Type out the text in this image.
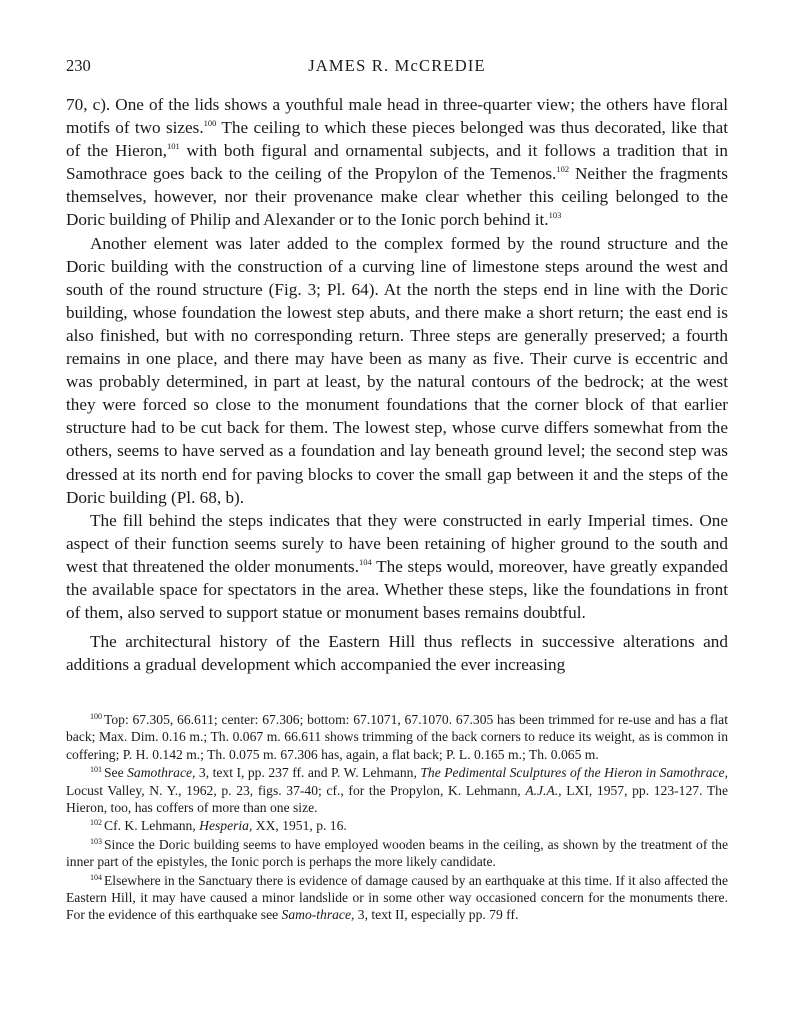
230	JAMES R. McCREDIE

70, c). One of the lids shows a youthful male head in three-quarter view; the others have floral motifs of two sizes.$^{100}$ The ceiling to which these pieces belonged was thus decorated, like that of the Hieron,$^{101}$ with both figural and ornamental subjects, and it follows a tradition that in Samothrace goes back to the ceiling of the Propylon of the Temenos.$^{102}$ Neither the fragments themselves, however, nor their provenance make clear whether this ceiling belonged to the Doric building of Philip and Alexander or to the Ionic porch behind it.$^{103}$

Another element was later added to the complex formed by the round structure and the Doric building with the construction of a curving line of limestone steps around the west and south of the round structure (Fig. 3; Pl. 64). At the north the steps end in line with the Doric building, whose foundation the lowest step abuts, and there make a short return; the east end is also finished, but with no corresponding return. Three steps are generally preserved; a fourth remains in one place, and there may have been as many as five. Their curve is eccentric and was probably determined, in part at least, by the natural contours of the bedrock; at the west they were forced so close to the monument foundations that the corner block of that earlier structure had to be cut back for them. The lowest step, whose curve differs somewhat from the others, seems to have served as a foundation and lay beneath ground level; the second step was dressed at its north end for paving blocks to cover the small gap between it and the steps of the Doric building (Pl. 68, b).

The fill behind the steps indicates that they were constructed in early Imperial times. One aspect of their function seems surely to have been retaining of higher ground to the south and west that threatened the older monuments.$^{104}$ The steps would, moreover, have greatly expanded the available space for spectators in the area. Whether these steps, like the foundations in front of them, also served to support statue or monument bases remains doubtful.

The architectural history of the Eastern Hill thus reflects in successive alterations and additions a gradual development which accompanied the ever increasing

$^{100}$ Top: 67.305, 66.611; center: 67.306; bottom: 67.1071, 67.1070. 67.305 has been trimmed for re-use and has a flat back; Max. Dim. 0.16 m.; Th. 0.067 m. 66.611 shows trimming of the back corners to reduce its weight, as is common in coffering; P. H. 0.142 m.; Th. 0.075 m. 67.306 has, again, a flat back; P. L. 0.165 m.; Th. 0.065 m.

$^{101}$ See Samothrace, 3, text I, pp. 237 ff. and P. W. Lehmann, The Pedimental Sculptures of the Hieron in Samothrace, Locust Valley, N. Y., 1962, p. 23, figs. 37-40; cf., for the Propylon, K. Lehmann, A.J.A., LXI, 1957, pp. 123-127. The Hieron, too, has coffers of more than one size.

$^{102}$ Cf. K. Lehmann, Hesperia, XX, 1951, p. 16.

$^{103}$ Since the Doric building seems to have employed wooden beams in the ceiling, as shown by the treatment of the inner part of the epistyles, the Ionic porch is perhaps the more likely candidate.

$^{104}$ Elsewhere in the Sanctuary there is evidence of damage caused by an earthquake at this time. If it also affected the Eastern Hill, it may have caused a minor landslide or in some other way occasioned concern for the monuments there. For the evidence of this earthquake see Samo-thrace, 3, text II, especially pp. 79 ff.
